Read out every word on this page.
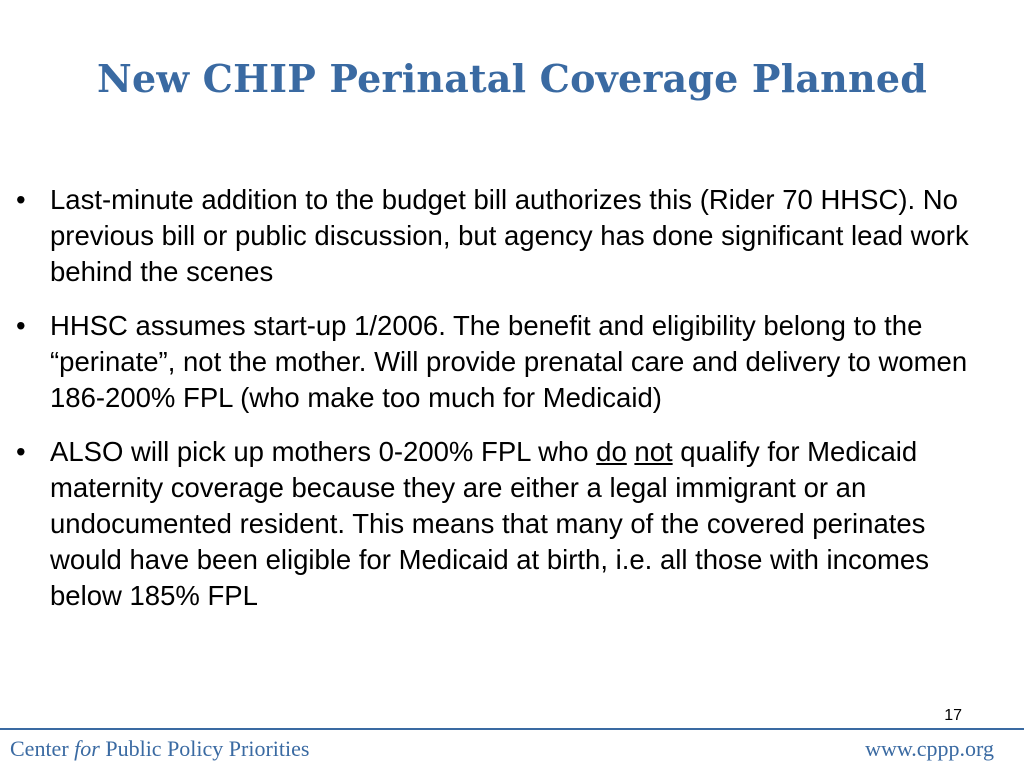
New CHIP Perinatal Coverage Planned
• Last-minute addition to the budget bill authorizes this (Rider 70 HHSC). No previous bill or public discussion, but agency has done significant lead work behind the scenes
• HHSC assumes start-up 1/2006. The benefit and eligibility belong to the “perinate”, not the mother. Will provide prenatal care and delivery to women 186-200% FPL (who make too much for Medicaid)
• ALSO will pick up mothers 0-200% FPL who do not qualify for Medicaid maternity coverage because they are either a legal immigrant or an undocumented resident. This means that many of the covered perinates would have been eligible for Medicaid at birth, i.e. all those with incomes below 185% FPL
17
Center for Public Policy Priorities	www.cppp.org
